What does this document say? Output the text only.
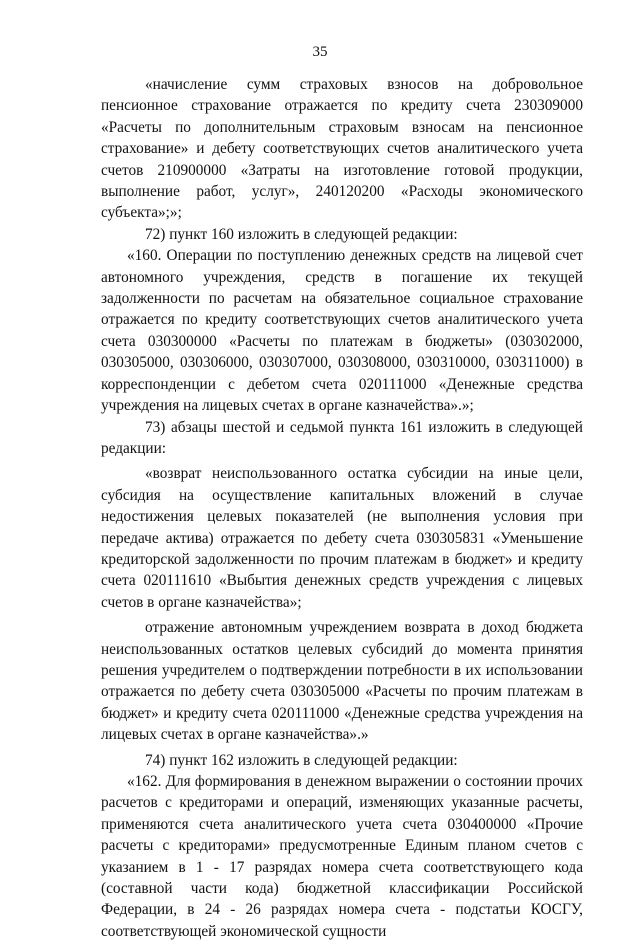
35

«начисление сумм страховых взносов на добровольное пенсионное страхование отражается по кредиту счета 230309000 «Расчеты по дополнительным страховым взносам на пенсионное страхование» и дебету соответствующих счетов аналитического учета счетов 210900000 «Затраты на изготовление готовой продукции, выполнение работ, услуг», 240120200 «Расходы экономического субъекта»;»;

72) пункт 160 изложить в следующей редакции:

«160. Операции по поступлению денежных средств на лицевой счет автономного учреждения, средств в погашение их текущей задолженности по расчетам на обязательное социальное страхование отражается по кредиту соответствующих счетов аналитического учета счета 030300000 «Расчеты по платежам в бюджеты» (030302000, 030305000, 030306000, 030307000, 030308000, 030310000, 030311000) в корреспонденции с дебетом счета 020111000 «Денежные средства учреждения на лицевых счетах в органе казначейства».»;

73) абзацы шестой и седьмой пункта 161 изложить в следующей редакции:

«возврат неиспользованного остатка субсидии на иные цели, субсидия на осуществление капитальных вложений в случае недостижения целевых показателей (не выполнения условия при передаче актива) отражается по дебету счета 030305831 «Уменьшение кредиторской задолженности по прочим платежам в бюджет» и кредиту счета 020111610 «Выбытия денежных средств учреждения с лицевых счетов в органе казначейства»;

отражение автономным учреждением возврата в доход бюджета неиспользованных остатков целевых субсидий до момента принятия решения учредителем о подтверждении потребности в их использовании отражается по дебету счета 030305000 «Расчеты по прочим платежам в бюджет» и кредиту счета 020111000 «Денежные средства учреждения на лицевых счетах в органе казначейства».»

74) пункт 162 изложить в следующей редакции:

«162. Для формирования в денежном выражении о состоянии прочих расчетов с кредиторами и операций, изменяющих указанные расчеты, применяются счета аналитического учета счета 030400000 «Прочие расчеты с кредиторами» предусмотренные Единым планом счетов с указанием в 1 - 17 разрядах номера счета соответствующего кода (составной части кода) бюджетной классификации Российской Федерации, в 24 - 26 разрядах номера счета - подстатьи КОСГУ, соответствующей экономической сущности
